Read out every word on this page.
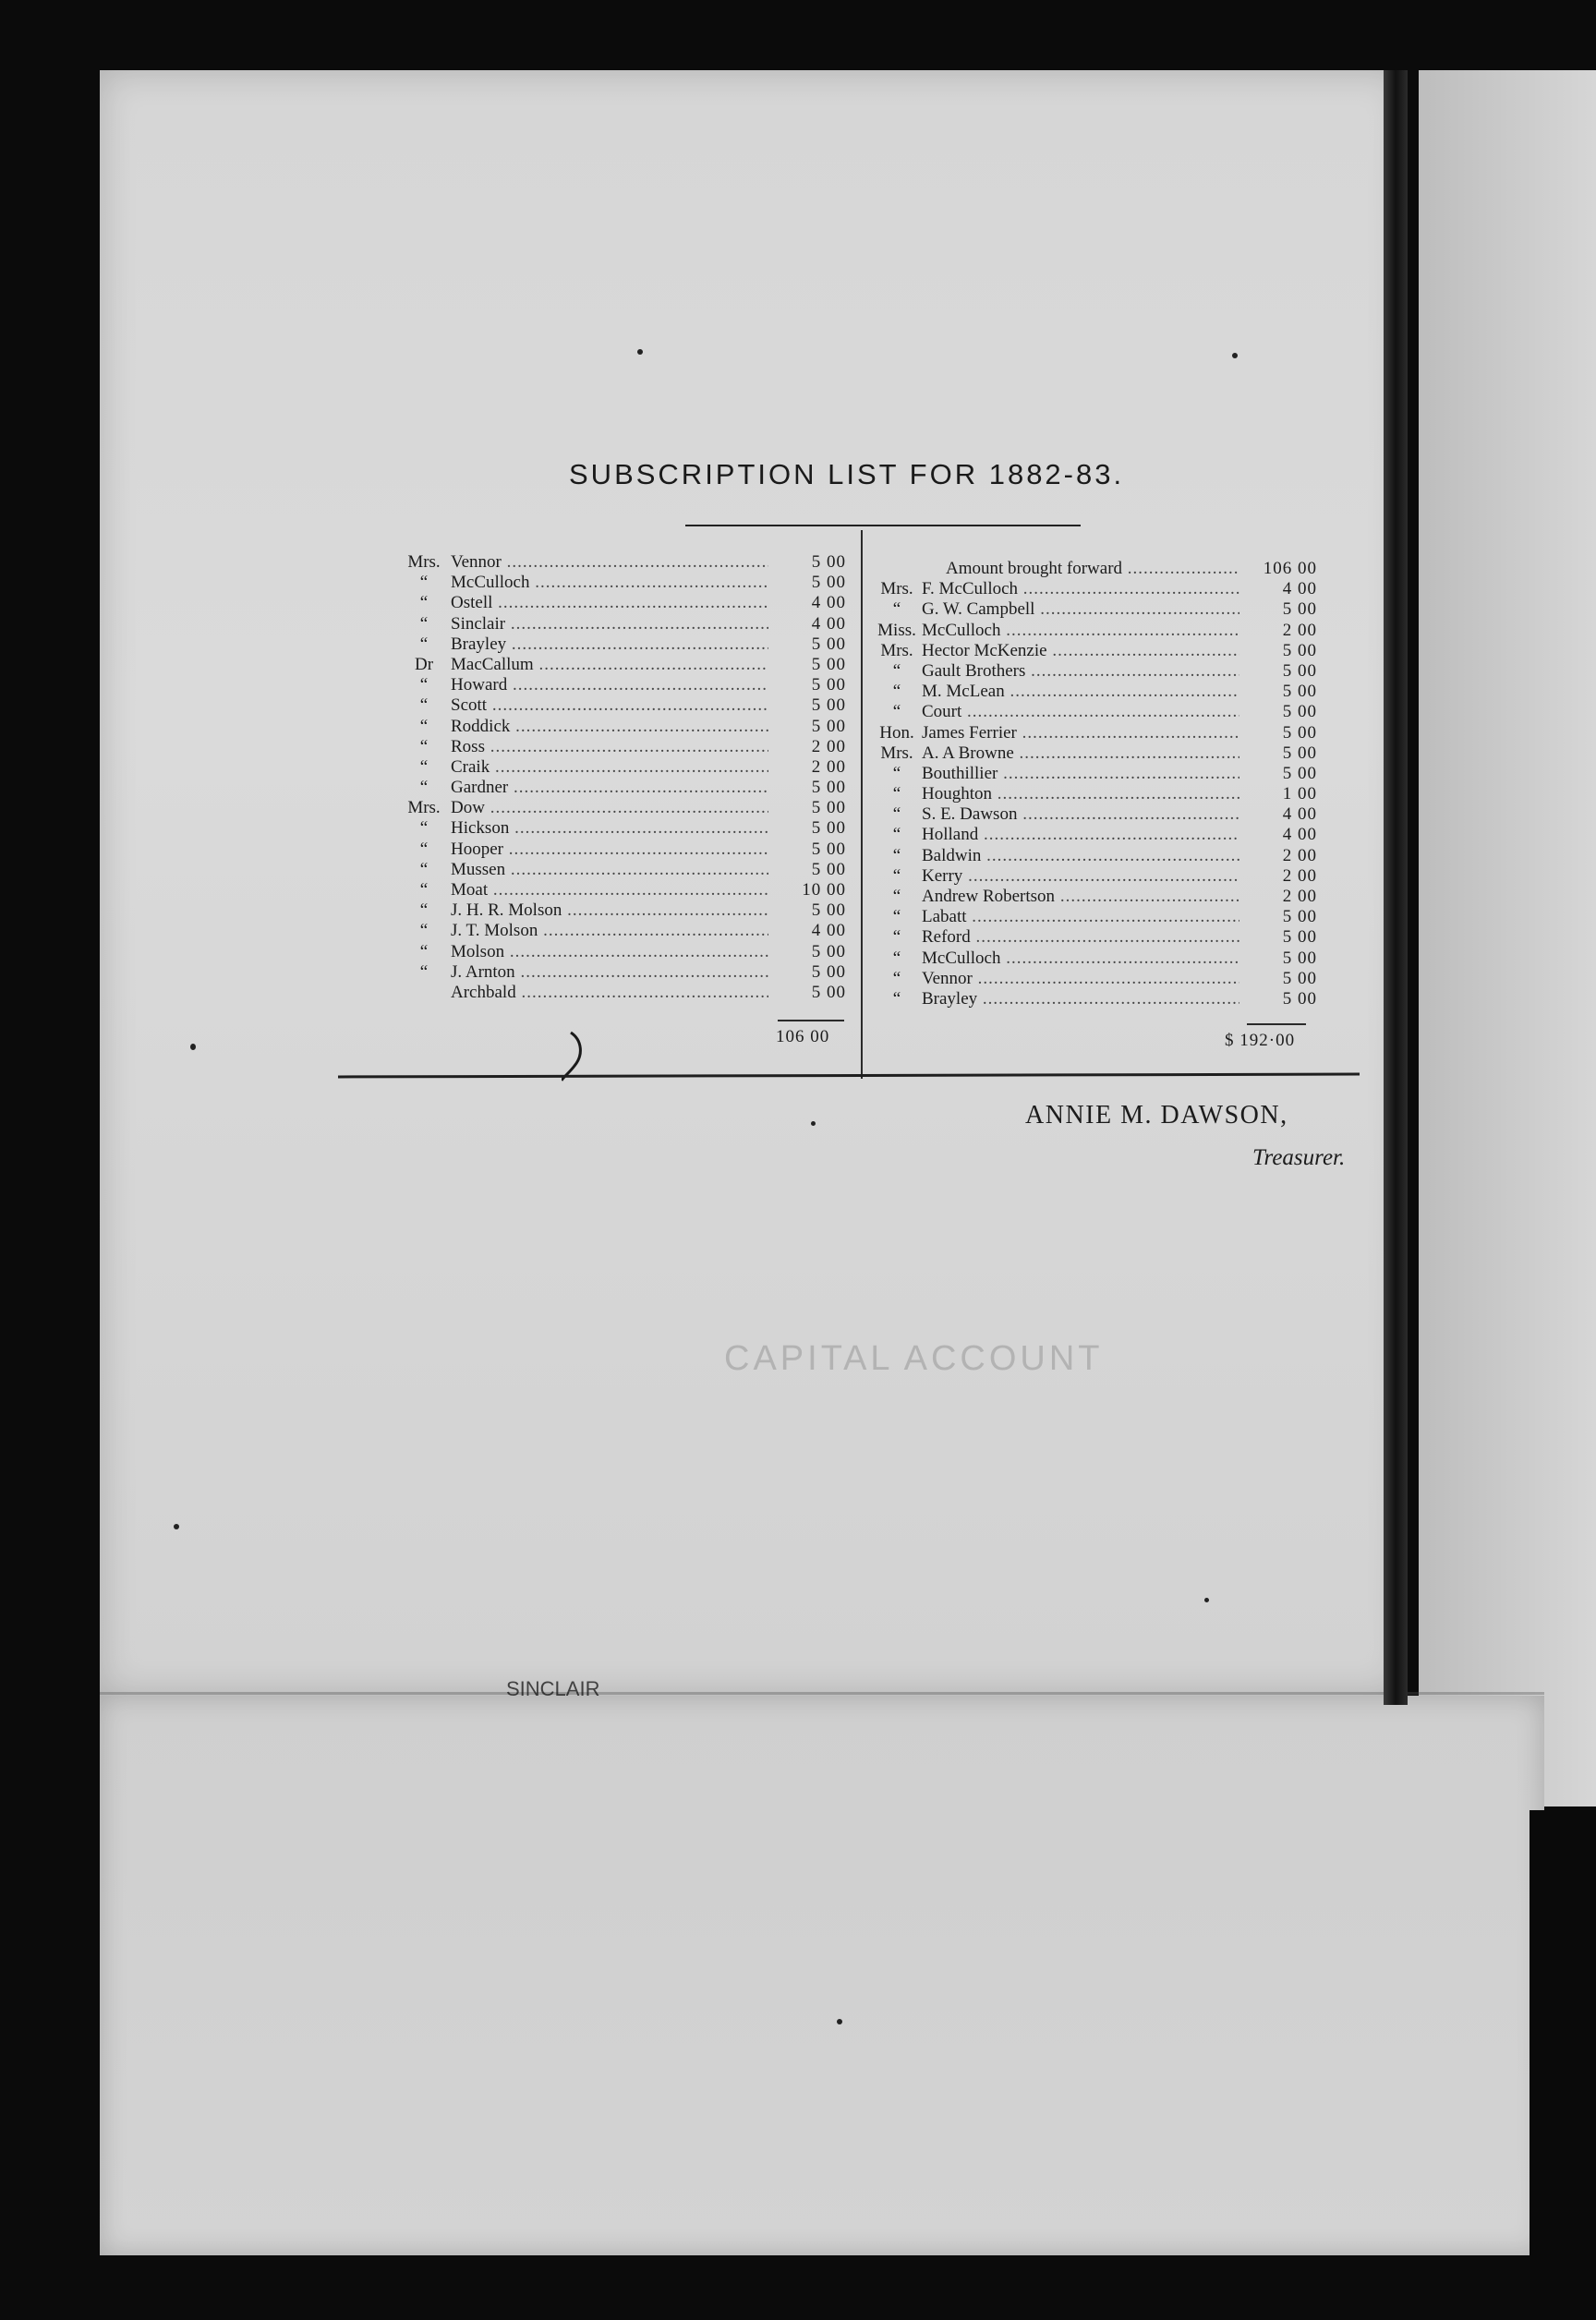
CAPITAL ACCOUNT
SINCLAIR
SUBSCRIPTION LIST FOR 1882-83.
Mrs. Vennor .....	5 00
“	McCulloch .....	5 00
“	Ostell .....	4 00
“	Sinclair .....	4 00
“	Brayley .....	5 00
Dr MacCallum .....	5 00
“	Howard .....	5 00
“	Scott .....	5 00
“	Roddick .....	5 00
“	Ross .....	2 00
“	Craik .....	2 00
“	Gardner .....	5 00
Mrs. Dow .....	5 00
“	Hickson .....	5 00
“	Hooper .....	5 00
“	Mussen .....	5 00
“	Moat .....	10 00
“	J. H. R. Molson .....	5 00
“	J. T. Molson .....	4 00
“	Molson .....	5 00
“	J. Arnton .....	5 00
Archbald .....	5 00
106 00
Amount brought forward .....	106 00
Mrs. F. McCulloch .....	4 00
“	G. W. Campbell .....	5 00
Miss. McCulloch .....	2 00
Mrs. Hector McKenzie .....	5 00
“	Gault Brothers .....	5 00
“	M. McLean .....	5 00
“	Court .....	5 00
Hon. James Ferrier .....	5 00
Mrs. A. A Browne .....	5 00
“	Bouthillier .....	5 00
“	Houghton .....	1 00
“	S. E. Dawson .....	4 00
“	Holland .....	4 00
“	Baldwin .....	2 00
“	Kerry .....	2 00
“	Andrew Robertson .....	2 00
“	Labatt .....	5 00
“	Reford .....	5 00
“	McCulloch .....	5 00
“	Vennor .....	5 00
“	Brayley .....	5 00
$ 192·00
ANNIE M. DAWSON,
Treasurer.
